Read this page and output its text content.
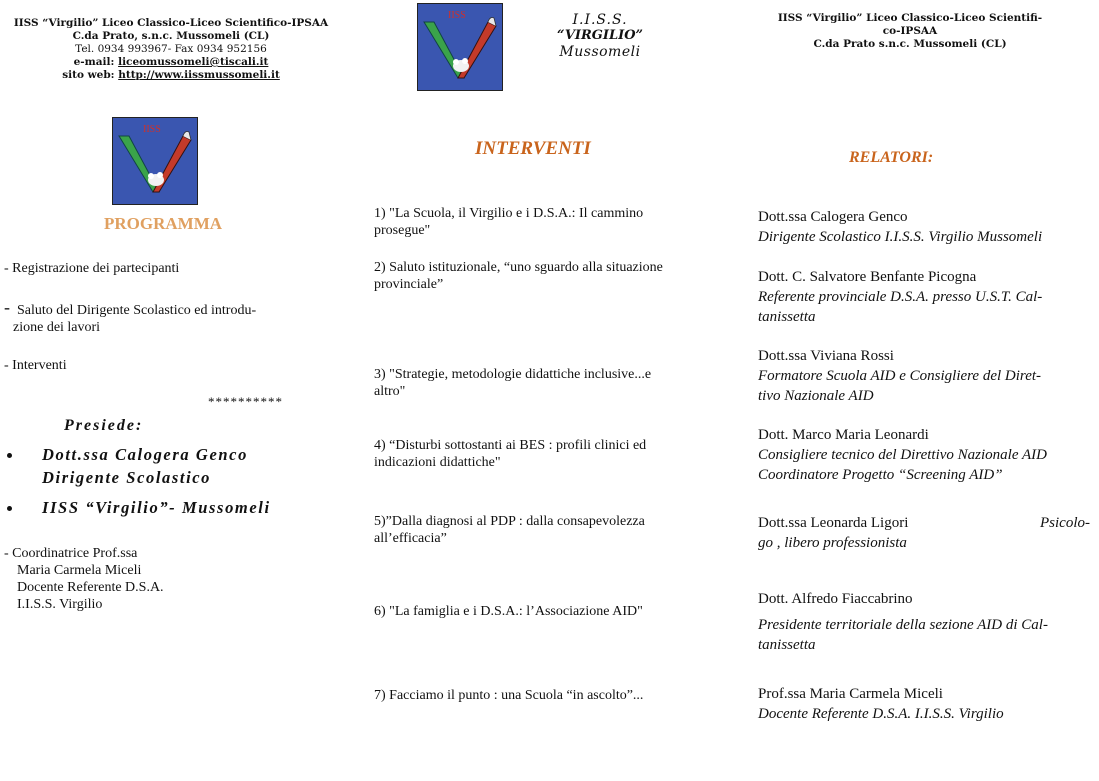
IISS “Virgilio” Liceo Classico-Liceo Scientifico-IPSAA
C.da Prato, s.n.c. Mussomeli (CL)
Tel. 0934 993967- Fax 0934 952156
e-mail: liceomussomeli@tiscali.it
sito web: http://www.iissmussomeli.it
IISS	I.I.S.S.
“VIRGILIO”
Mussomeli
IISS “Virgilio” Liceo Classico-Liceo Scientifi-
co-IPSAA
C.da Prato s.n.c. Mussomeli (CL)
IISS
PROGRAMMA
- Registrazione dei partecipanti
- Saluto del Dirigente Scolastico ed introdu-
zione dei lavori
- Interventi
**********
Presiede:
Dott.ssa Calogera Genco
Dirigente Scolastico
IISS “Virgilio”- Mussomeli
- Coordinatrice Prof.ssa
Maria Carmela Miceli
Docente Referente D.S.A.
I.I.S.S. Virgilio
INTERVENTI
1) "La Scuola, il Virgilio e i D.S.A.: Il cammino
prosegue"
2) Saluto istituzionale, “uno sguardo alla situazione
provinciale”
3) "Strategie, metodologie didattiche inclusive...e
altro"
4) “Disturbi sottostanti ai BES : profili clinici ed
indicazioni didattiche"
5)”Dalla diagnosi al PDP : dalla consapevolezza
all’efficacia”
6) "La famiglia e i D.S.A.: l’Associazione AID"
7) Facciamo il punto : una Scuola “in ascolto”...
RELATORI:
Dott.ssa Calogera Genco
Dirigente Scolastico I.I.S.S. Virgilio Mussomeli
Dott. C. Salvatore Benfante Picogna
Referente provinciale D.S.A. presso U.S.T. Cal-
tanissetta
Dott.ssa Viviana Rossi
Formatore Scuola AID e Consigliere del Diret-
tivo Nazionale AID
Dott. Marco Maria Leonardi
Consigliere tecnico del Direttivo Nazionale AID
Coordinatore Progetto “Screening AID”
Dott.ssa Leonarda Ligori	Psicolo-
go , libero professionista
Dott. Alfredo Fiaccabrino
Presidente territoriale della sezione AID di Cal-
tanissetta
Prof.ssa Maria Carmela Miceli
Docente Referente D.S.A. I.I.S.S. Virgilio
